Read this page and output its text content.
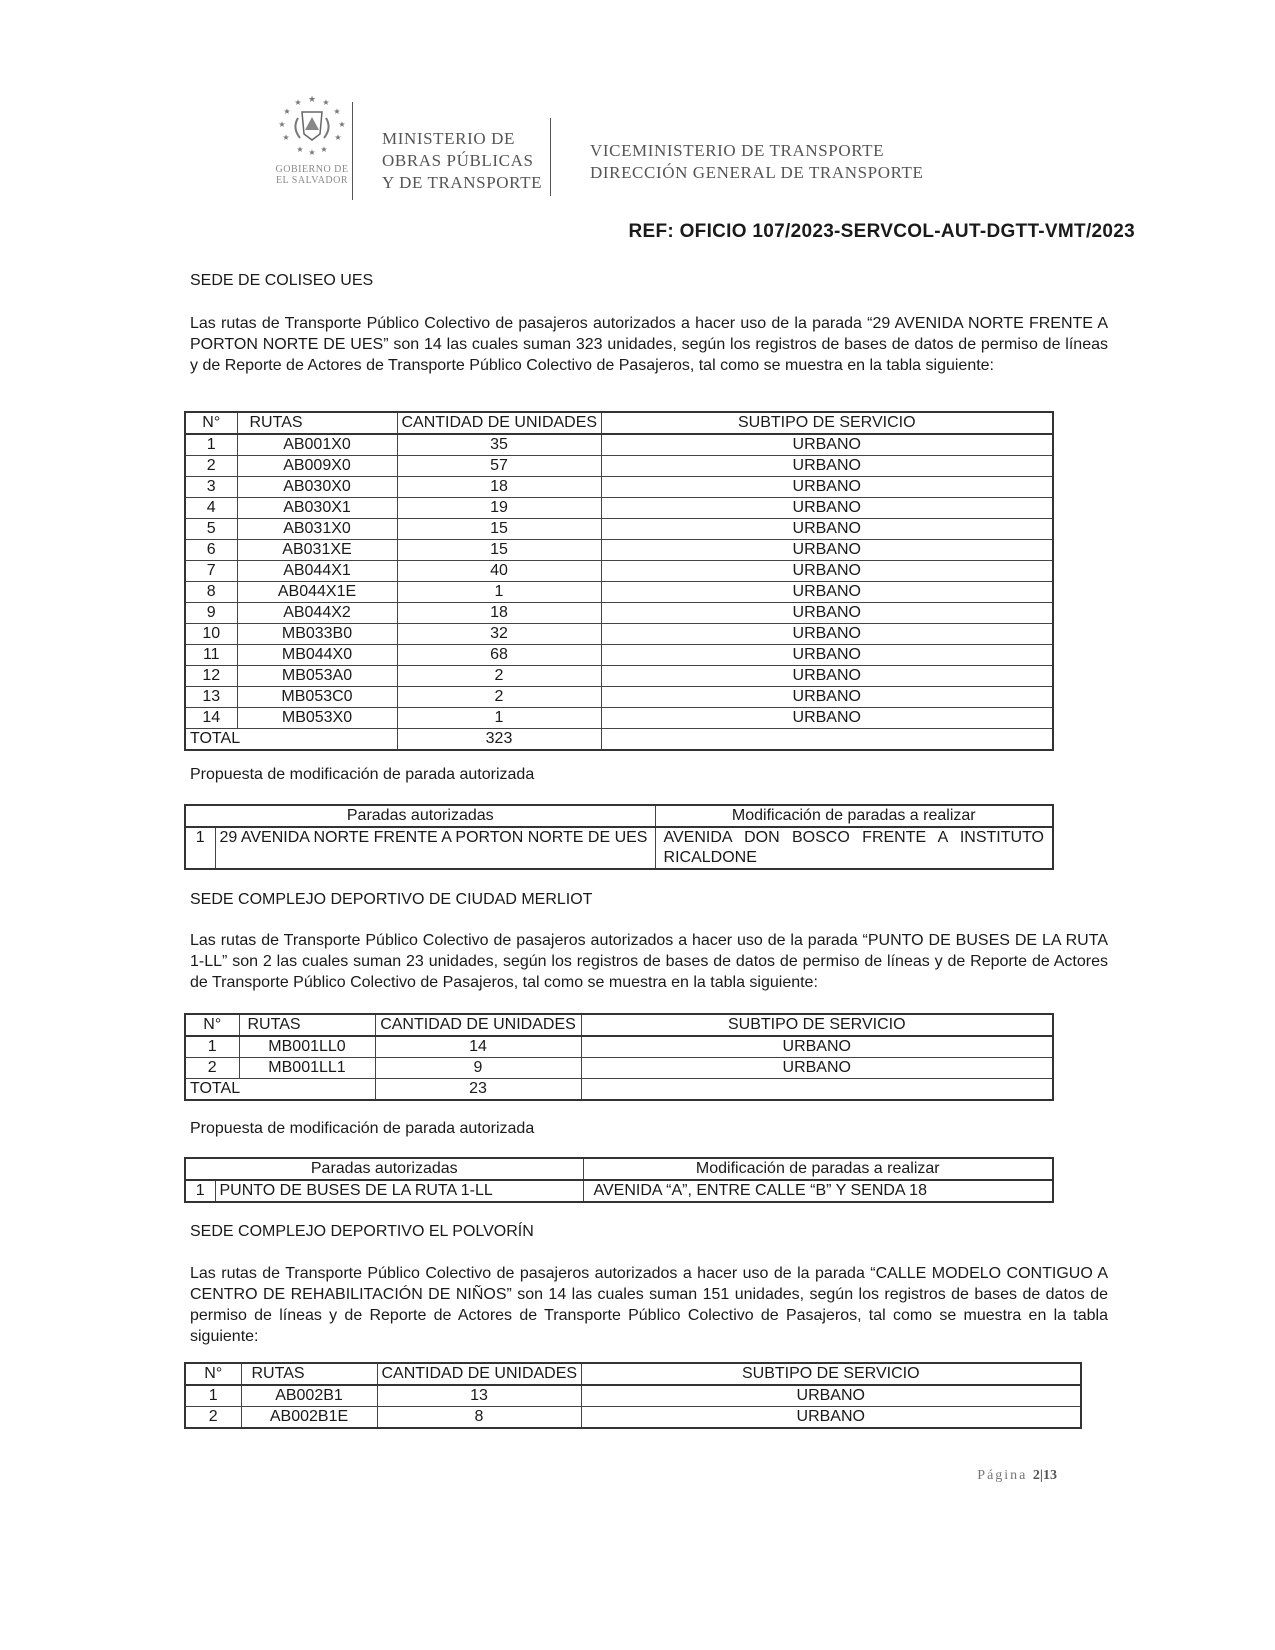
★
★	★
★	★
★	★
★	★
★ ★ ★
GOBIERNO DE
EL SALVADOR
MINISTERIO DE
OBRAS PÚBLICAS
Y DE TRANSPORTE
VICEMINISTERIO DE TRANSPORTE
DIRECCIÓN GENERAL DE TRANSPORTE
REF: OFICIO 107/2023-SERVCOL-AUT-DGTT-VMT/2023
SEDE DE COLISEO UES
Las rutas de Transporte Público Colectivo de pasajeros autorizados a hacer uso de la parada “29 AVENIDA NORTE FRENTE A PORTON NORTE DE UES” son 14 las cuales suman 323 unidades, según los registros de bases de datos de permiso de líneas y de Reporte de Actores de Transporte Público Colectivo de Pasajeros, tal como se muestra en la tabla siguiente:
N°	RUTAS	CANTIDAD DE UNIDADES	SUBTIPO DE SERVICIO
1	AB001X0	35	URBANO
2	AB009X0	57	URBANO
3	AB030X0	18	URBANO
4	AB030X1	19	URBANO
5	AB031X0	15	URBANO
6	AB031XE	15	URBANO
7	AB044X1	40	URBANO
8	AB044X1E	1	URBANO
9	AB044X2	18	URBANO
10	MB033B0	32	URBANO
11	MB044X0	68	URBANO
12	MB053A0	2	URBANO
13	MB053C0	2	URBANO
14	MB053X0	1	URBANO
TOTAL		323	
Propuesta de modificación de parada autorizada
Paradas autorizadas		Modificación de paradas a realizar
1	29 AVENIDA NORTE FRENTE A PORTON NORTE DE UES	AVENIDA DON BOSCO FRENTE A INSTITUTO RICALDONE
SEDE COMPLEJO DEPORTIVO DE CIUDAD MERLIOT
Las rutas de Transporte Público Colectivo de pasajeros autorizados a hacer uso de la parada “PUNTO DE BUSES DE LA RUTA 1-LL” son 2 las cuales suman 23 unidades, según los registros de bases de datos de permiso de líneas y de Reporte de Actores de Transporte Público Colectivo de Pasajeros, tal como se muestra en la tabla siguiente:
N°	RUTAS	CANTIDAD DE UNIDADES	SUBTIPO DE SERVICIO
1	MB001LL0	14	URBANO
2	MB001LL1	9	URBANO
TOTAL		23	
Propuesta de modificación de parada autorizada
Paradas autorizadas		Modificación de paradas a realizar
1	PUNTO DE BUSES DE LA RUTA 1-LL	AVENIDA “A”, ENTRE CALLE “B” Y SENDA 18
SEDE COMPLEJO DEPORTIVO EL POLVORÍN
Las rutas de Transporte Público Colectivo de pasajeros autorizados a hacer uso de la parada “CALLE MODELO CONTIGUO A CENTRO DE REHABILITACIÓN DE NIÑOS” son 14 las cuales suman 151 unidades, según los registros de bases de datos de permiso de líneas y de Reporte de Actores de Transporte Público Colectivo de Pasajeros, tal como se muestra en la tabla siguiente:
N°	RUTAS	CANTIDAD DE UNIDADES	SUBTIPO DE SERVICIO
1	AB002B1	13	URBANO
2	AB002B1E	8	URBANO
Página 2|13
